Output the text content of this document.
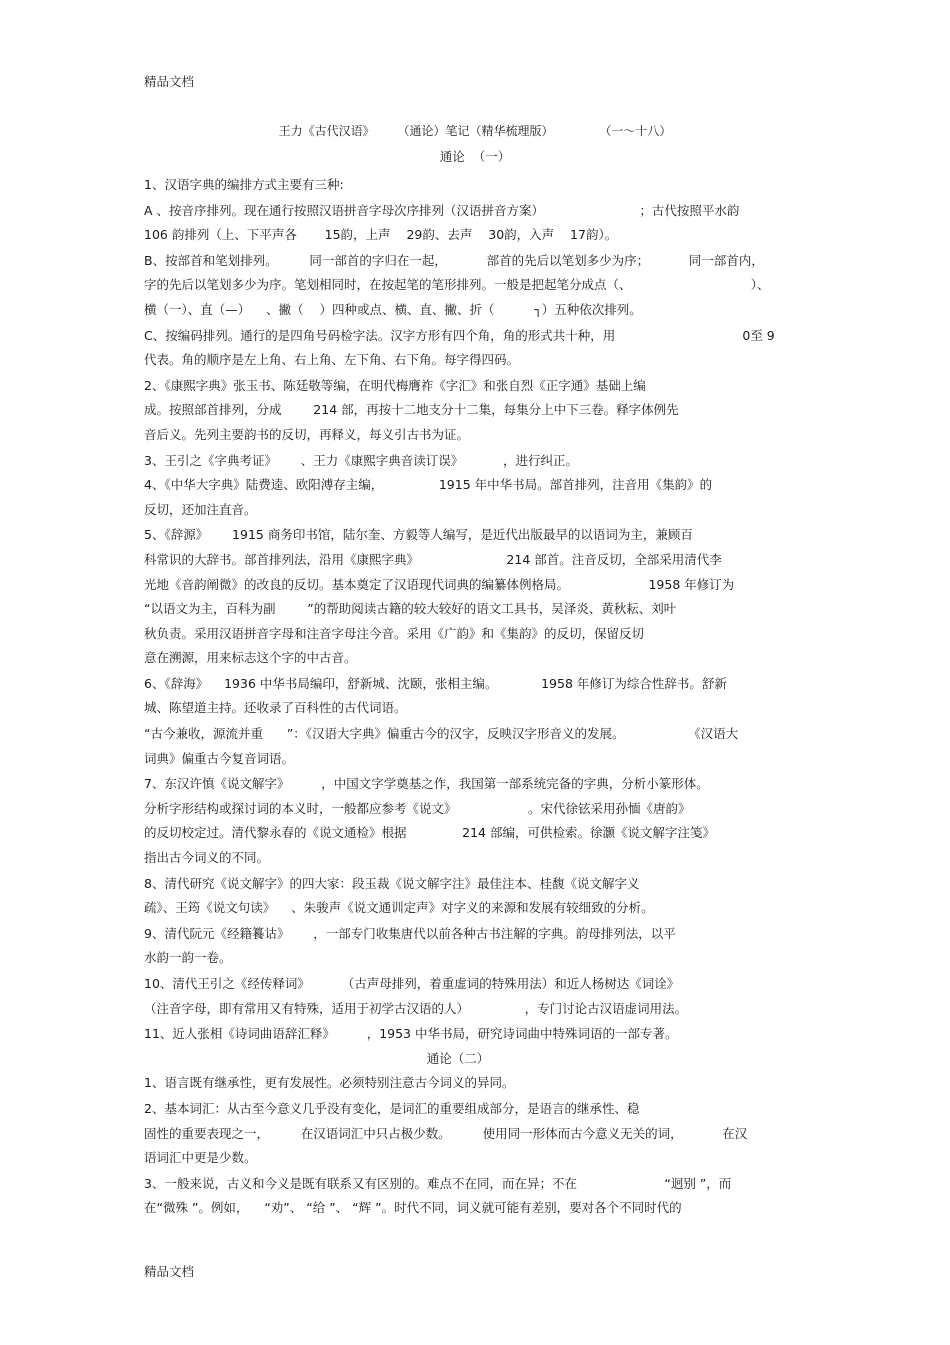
精品文档
王力《古代汉语》      （通论）笔记（精华梳理版）            （一～十八）
通论  （一）
1、汉语字典的编排方式主要有三种:
A 、按音序排列。现在通行按照汉语拼音字母次序排列（汉语拼音方案）                        ；古代按照平水韵
106 韵排列（上、下平声各       15韵，上声    29韵、去声    30韵，入声    17韵）。
B、按部首和笔划排列。        同一部首的字归在一起，          部首的先后以笔划多少为序；          同一部首内，
字的先后以笔划多少为序。笔划相同时，在按起笔的笔形排列。一般是把起笔分成点（、                              ）、
横（一）、直（—）    、撇（    ）四种或点、横、直、撇、折（          ┐）五种依次排列。
C、按编码排列。通行的是四角号码检字法。汉字方形有四个角，角的形式共十种，用                                0至 9
代表。角的顺序是左上角、右上角、左下角、右下角。每字得四码。
2、《康熙字典》张玉书、陈廷敬等编，在明代梅膺祚《字汇》和张自烈《正字通》基础上编
成。按照部首排列，分成        214 部，再按十二地支分十二集，每集分上中下三卷。释字体例先
音后义。先列主要韵书的反切，再释义，每义引古书为证。
3、王引之《字典考证》      、王力《康熙字典音读订误》          ，进行纠正。
4、《中华大字典》陆费逵、欧阳溥存主编，              1915 年中华书局。部首排列，注音用《集韵》的
反切，还加注直音。
5、《辞源》      1915 商务印书馆，陆尔奎、方毅等人编写，是近代出版最早的以语词为主，兼顾百
科常识的大辞书。部首排列法，沿用《康熙字典》                      214 部首。注音反切，全部采用清代李
光地《音韵阐微》的改良的反切。基本奠定了汉语现代词典的编纂体例格局。                    1958 年修订为
“以语文为主，百科为副        ”的帮助阅读古籍的较大较好的语文工具书，吴泽炎、黄秋耘、刘叶
秋负责。采用汉语拼音字母和注音字母注今音。采用《广韵》和《集韵》的反切，保留反切
意在溯源，用来标志这个字的中古音。
6、《辞海》    1936 中华书局编印，舒新城、沈颐，张相主编。           1958 年修订为综合性辞书。舒新
城、陈望道主持。还收录了百科性的古代词语。
“古今兼收，源流并重      ”：《汉语大字典》偏重古今的汉字，反映汉字形音义的发展。                《汉语大
词典》偏重古今复音词语。
7、东汉许慎《说文解字》        ，中国文字学奠基之作，我国第一部系统完备的字典，分析小篆形体。
分析字形结构或探讨词的本义时，一般都应参考《说文》                  。宋代徐铉采用孙愐《唐韵》
的反切校定过。清代黎永春的《说文通检》根据              214 部编，可供检索。徐灏《说文解字注笺》
指出古今词义的不同。
8、清代研究《说文解字》的四大家：段玉裁《说文解字注》最佳注本、桂馥《说文解字义
疏》、王筠《说文句读》    、朱骏声《说文通训定声》对字义的来源和发展有较细致的分析。
9、清代阮元《经籍籑诂》      ，一部专门收集唐代以前各种古书注解的字典。韵母排列法，以平
水韵一韵一卷。
10、清代王引之《经传释词》        （古声母排列，着重虚词的特殊用法）和近人杨树达《词诠》
（注音字母，即有常用又有特殊，适用于初学古汉语的人）              ，专门讨论古汉语虚词用法。
11、近人张相《诗词曲语辞汇释》        ，1953 中华书局，研究诗词曲中特殊词语的一部专著。
通论（二）
1、语言既有继承性，更有发展性。必须特别注意古今词义的异同。
2、基本词汇：从古至今意义几乎没有变化，是词汇的重要组成部分，是语言的继承性、稳
固性的重要表现之一，        在汉语词汇中只占极少数。        使用同一形体而古今意义无关的词，          在汉
语词汇中更是少数。
3、一般来说，古义和今义是既有联系又有区别的。难点不在同，而在异；不在                      “迥别 ”，而
在“微殊 ”。例如，    “劝”、 “给 ”、 “辉 ”。时代不同，词义就可能有差别，要对各个不同时代的
精品文档
